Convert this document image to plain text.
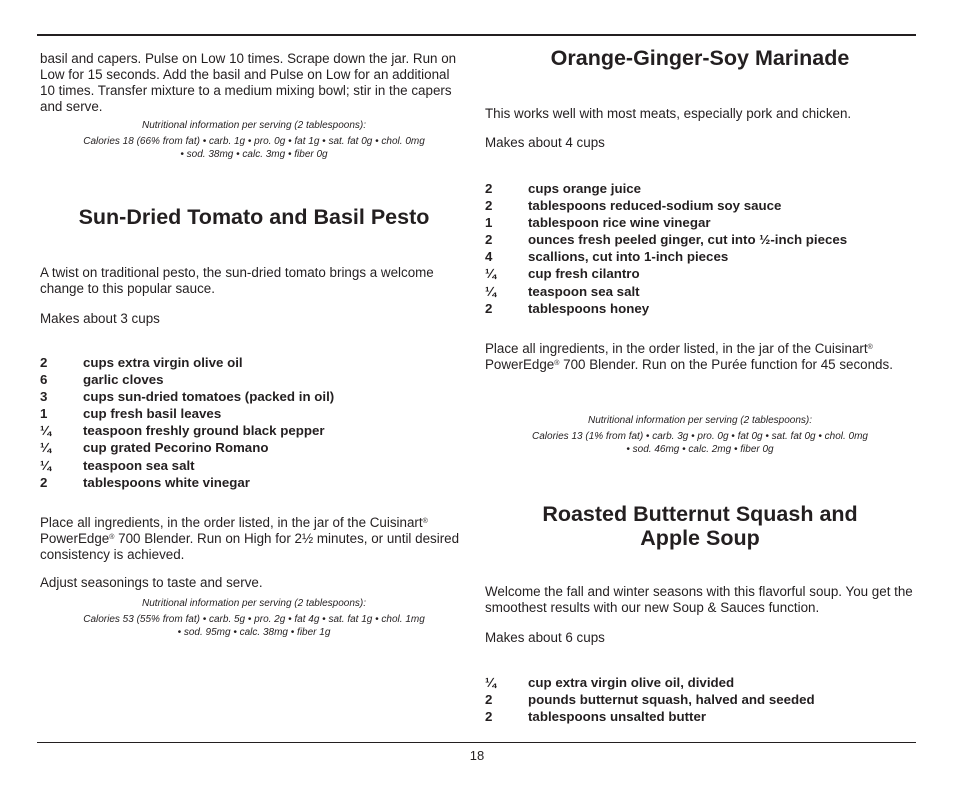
basil and capers. Pulse on Low 10 times. Scrape down the jar. Run on Low for 15 seconds. Add the basil and Pulse on Low for an additional 10 times. Transfer mixture to a medium mixing bowl; stir in the capers and serve.

Nutritional information per serving (2 tablespoons):

Calories 18 (66% from fat) • carb. 1g • pro. 0g • fat 1g • sat. fat 0g • chol. 0mg
• sod. 38mg • calc. 3mg • fiber 0g

Sun-Dried Tomato and Basil Pesto

A twist on traditional pesto, the sun-dried tomato brings a welcome change to this popular sauce.

Makes about 3 cups

2	cups extra virgin olive oil
6	garlic cloves
3	cups sun-dried tomatoes (packed in oil)
1	cup fresh basil leaves
¼	teaspoon freshly ground black pepper
¼	cup grated Pecorino Romano
¼	teaspoon sea salt
2	tablespoons white vinegar

Place all ingredients, in the order listed, in the jar of the Cuisinart® PowerEdge® 700 Blender. Run on High for 2½ minutes, or until desired consistency is achieved.

Adjust seasonings to taste and serve.

Nutritional information per serving (2 tablespoons):

Calories 53 (55% from fat) • carb. 5g • pro. 2g • fat 4g • sat. fat 1g • chol. 1mg
• sod. 95mg • calc. 38mg • fiber 1g

Orange-Ginger-Soy Marinade

This works well with most meats, especially pork and chicken.

Makes about 4 cups

2	cups orange juice
2	tablespoons reduced-sodium soy sauce
1	tablespoon rice wine vinegar
2	ounces fresh peeled ginger, cut into ½-inch pieces
4	scallions, cut into 1-inch pieces
¼	cup fresh cilantro
¼	teaspoon sea salt
2	tablespoons honey

Place all ingredients, in the order listed, in the jar of the Cuisinart® PowerEdge® 700 Blender. Run on the Purée function for 45 seconds.

Nutritional information per serving (2 tablespoons):

Calories 13 (1% from fat) • carb. 3g • pro. 0g • fat 0g • sat. fat 0g • chol. 0mg
• sod. 46mg • calc. 2mg • fiber 0g

Roasted Butternut Squash and
Apple Soup

Welcome the fall and winter seasons with this flavorful soup. You get the smoothest results with our new Soup & Sauces function.

Makes about 6 cups

¼	cup extra virgin olive oil, divided
2	pounds butternut squash, halved and seeded
2	tablespoons unsalted butter
18
